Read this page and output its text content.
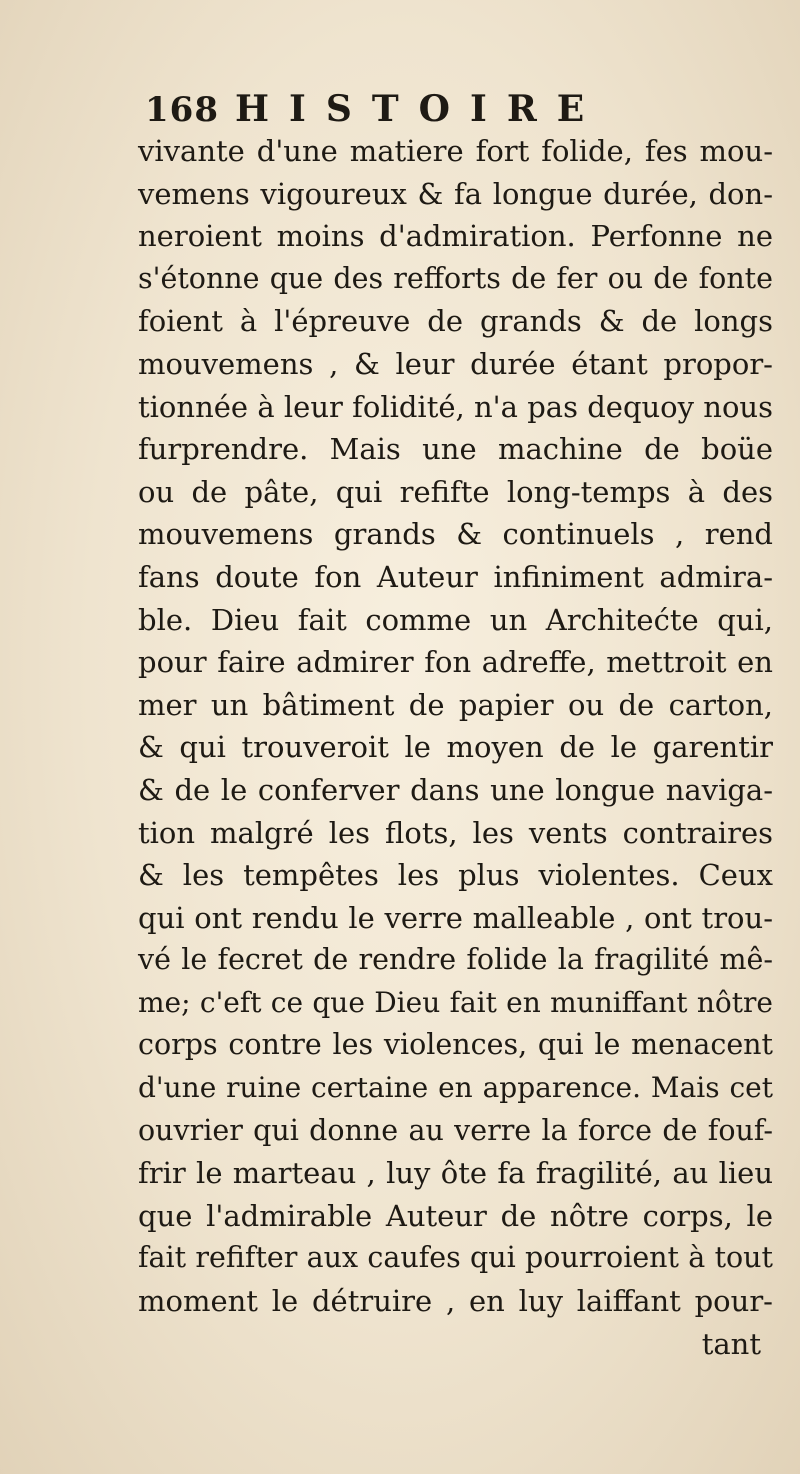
168 HISTOIRE
vivante d'une matiere fort folide, fes mou-
vemens vigoureux & fa longue durée, don-
neroient moins d'admiration. Perfonne ne
s'étonne que des refforts de fer ou de fonte
foient à l'épreuve de grands & de longs
mouvemens , & leur durée étant propor-
tionnée à leur folidité, n'a pas dequoy nous
furprendre. Mais une machine de boüe
ou de pâte, qui refifte long-temps à des
mouvemens grands & continuels , rend
fans doute fon Auteur infiniment admira-
ble. Dieu fait comme un Architećte qui,
pour faire admirer fon adreffe, mettroit en
mer un bâtiment de papier ou de carton,
& qui trouveroit le moyen de le garentir
& de le conferver dans une longue naviga-
tion malgré les flots, les vents contraires
& les tempêtes les plus violentes. Ceux
qui ont rendu le verre malleable , ont trou-
vé le fecret de rendre folide la fragilité mê-
me; c'eft ce que Dieu fait en muniffant nôtre
corps contre les violences, qui le menacent
d'une ruine certaine en apparence. Mais cet
ouvrier qui donne au verre la force de fouf-
frir le marteau , luy ôte fa fragilité, au lieu
que l'admirable Auteur de nôtre corps, le
fait refifter aux caufes qui pourroient à tout
moment le détruire , en luy laiffant pour-
tant
